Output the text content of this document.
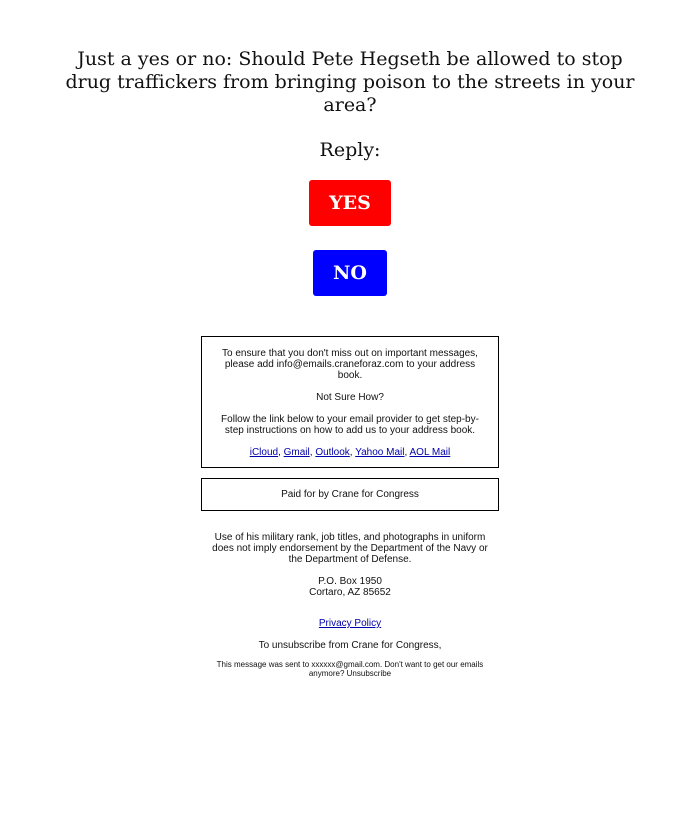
Just a yes or no: Should Pete Hegseth be allowed to stop drug traffickers from bringing poison to the streets in your area?
Reply:
YES
NO

To ensure that you don't miss out on important messages, please add info@emails.craneforaz.com to your address book.

Not Sure How?

Follow the link below to your email provider to get step-by-step instructions on how to add us to your address book.

iCloud, Gmail, Outlook, Yahoo Mail, AOL Mail

Paid for by Crane for Congress
Use of his military rank, job titles, and photographs in uniform does not imply endorsement by the Department of the Navy or the Department of Defense.
P.O. Box 1950
Cortaro, AZ 85652
Privacy Policy
To unsubscribe from Crane for Congress,
This message was sent to xxxxxx@gmail.com. Don't want to get our emails anymore? Unsubscribe
